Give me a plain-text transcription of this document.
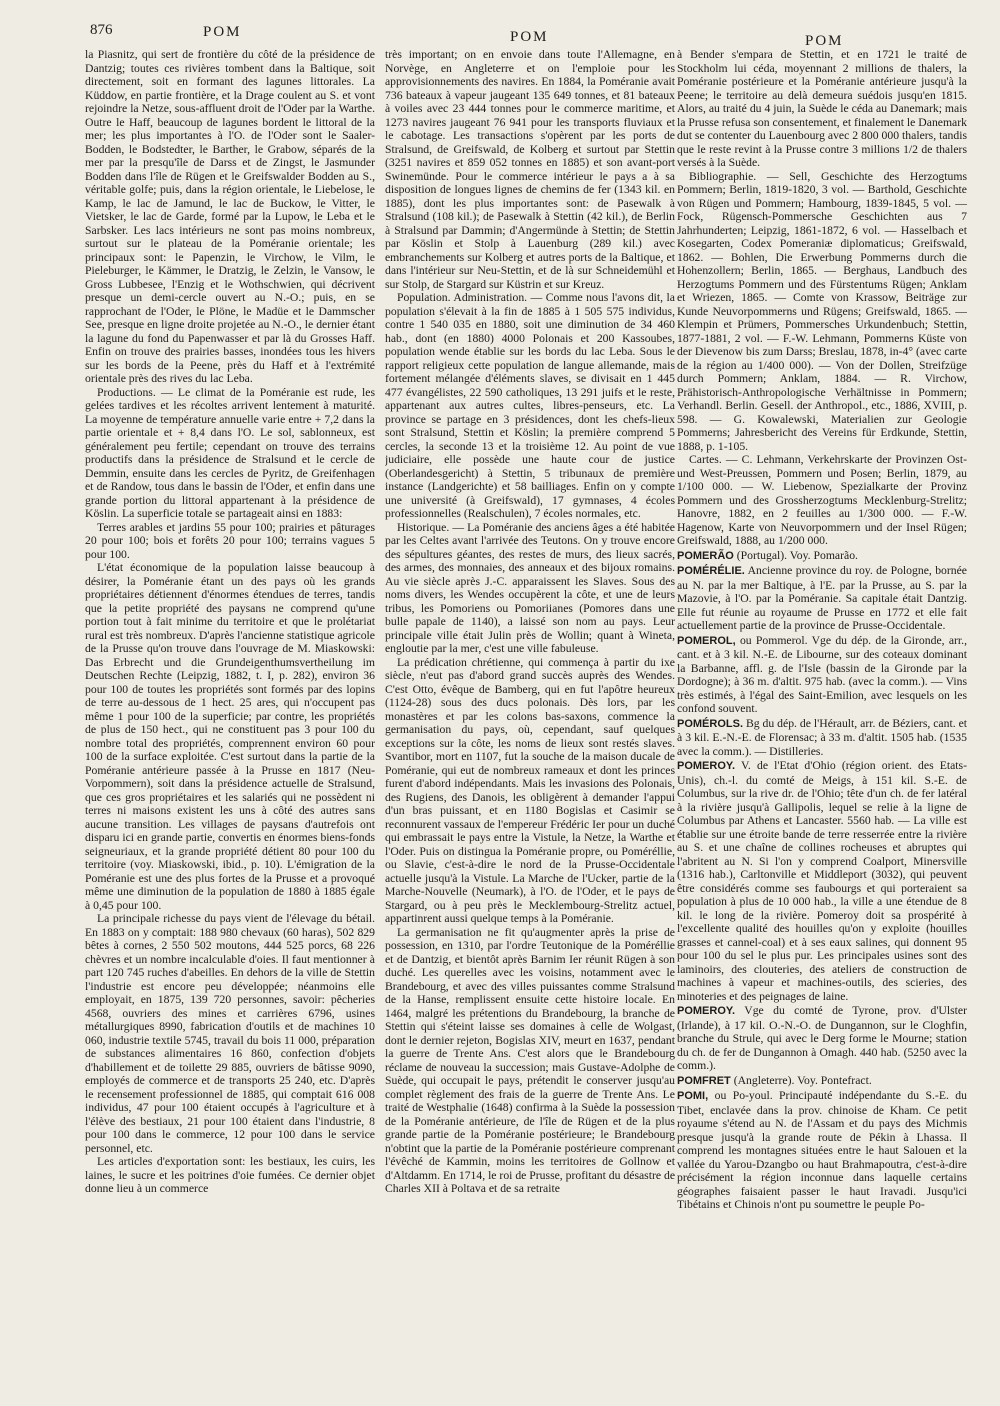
876	POM	POM	POM

la Piasnitz, qui sert de frontière du côté de la présidence de Dantzig; toutes ces rivières tombent dans la Baltique, soit directement, soit en formant des lagunes littorales. La Küddow, en partie frontière, et la Drage coulent au S. et vont rejoindre la Netze, sous-affluent droit de l'Oder par la Warthe. Outre le Haff, beaucoup de lagunes bordent le littoral de la mer; les plus importantes à l'O. de l'Oder sont le Saaler-Bodden, le Bodstedter, le Barther, le Grabow, séparés de la mer par la presqu'île de Darss et de Zingst, le Jasmunder Bodden dans l'île de Rügen et le Greifswalder Bodden au S., véritable golfe; puis, dans la région orientale, le Liebelose, le Kamp, le lac de Jamund, le lac de Buckow, le Vitter, le Vietsker, le lac de Garde, formé par la Lupow, le Leba et le Sarbsker. Les lacs intérieurs ne sont pas moins nombreux, surtout sur le plateau de la Poméranie orientale; les principaux sont: le Papenzin, le Virchow, le Vilm, le Pieleburger, le Kämmer, le Dratzig, le Zelzin, le Vansow, le Gross Lubbesee, l'Enzig et le Wothschwien, qui décrivent presque un demi-cercle ouvert au N.-O.; puis, en se rapprochant de l'Oder, le Plöne, le Madüe et le Dammscher See, presque en ligne droite projetée au N.-O., le dernier étant la lagune du fond du Papenwasser et par là du Grosses Haff. Enfin on trouve des prairies basses, inondées tous les hivers sur les bords de la Peene, près du Haff et à l'extrémité orientale près des rives du lac Leba.

Productions. — Le climat de la Poméranie est rude, les gelées tardives et les récoltes arrivent lentement à maturité. La moyenne de température annuelle varie entre + 7,2 dans la partie orientale et + 8,4 dans l'O. Le sol, sablonneux, est généralement peu fertile; cependant on trouve des terrains productifs dans la présidence de Stralsund et le cercle de Demmin, ensuite dans les cercles de Pyritz, de Greifenhagen et de Randow, tous dans le bassin de l'Oder, et enfin dans une grande portion du littoral appartenant à la présidence de Köslin. La superficie totale se partageait ainsi en 1883:

Terres arables et jardins 55 pour 100; prairies et pâturages 20 pour 100; bois et forêts 20 pour 100; terrains vagues 5 pour 100.

L'état économique de la population laisse beaucoup à désirer, la Poméranie étant un des pays où les grands propriétaires détiennent d'énormes étendues de terres, tandis que la petite propriété des paysans ne comprend qu'une portion tout à fait minime du territoire et que le prolétariat rural est très nombreux. D'après l'ancienne statistique agricole de la Prusse qu'on trouve dans l'ouvrage de M. Miaskowski: Das Erbrecht und die Grundeigenthumsvertheilung im Deutschen Rechte (Leipzig, 1882, t. I, p. 282), environ 36 pour 100 de toutes les propriétés sont formés par des lopins de terre au-dessous de 1 hect. 25 ares, qui n'occupent pas même 1 pour 100 de la superficie; par contre, les propriétés de plus de 150 hect., qui ne constituent pas 3 pour 100 du nombre total des propriétés, comprennent environ 60 pour 100 de la surface exploitée. C'est surtout dans la partie de la Poméranie antérieure passée à la Prusse en 1817 (Neu-Vorpommern), soit dans la présidence actuelle de Stralsund, que ces gros propriétaires et les salariés qui ne possèdent ni terres ni maisons existent les uns à côté des autres sans aucune transition. Les villages de paysans d'autrefois ont disparu ici en grande partie, convertis en énormes biens-fonds seigneuriaux, et la grande propriété détient 80 pour 100 du territoire (voy. Miaskowski, ibid., p. 10). L'émigration de la Poméranie est une des plus fortes de la Prusse et a provoqué même une diminution de la population de 1880 à 1885 égale à 0,45 pour 100.

La principale richesse du pays vient de l'élevage du bétail. En 1883 on y comptait: 188 980 chevaux (60 haras), 502 829 bêtes à cornes, 2 550 502 moutons, 444 525 porcs, 68 226 chèvres et un nombre incalculable d'oies. Il faut mentionner à part 120 745 ruches d'abeilles. En dehors de la ville de Stettin l'industrie est encore peu développée; néanmoins elle employait, en 1875, 139 720 personnes, savoir: pêcheries 4568, ouvriers des mines et carrières 6796, usines métallurgiques 8990, fabrication d'outils et de machines 10 060, industrie textile 5745, travail du bois 11 000, préparation de substances alimentaires 16 860, confection d'objets d'habillement et de toilette 29 885, ouvriers de bâtisse 9090, employés de commerce et de transports 25 240, etc. D'après le recensement professionnel de 1885, qui comptait 616 008 individus, 47 pour 100 étaient occupés à l'agriculture et à l'élève des bestiaux, 21 pour 100 étaient dans l'industrie, 8 pour 100 dans le commerce, 12 pour 100 dans le service personnel, etc.

Les articles d'exportation sont: les bestiaux, les cuirs, les laines, le sucre et les poitrines d'oie fumées. Ce dernier objet donne lieu à un commerce

très important; on en envoie dans toute l'Allemagne, en Norvège, en Angleterre et on l'emploie pour les approvisionnements des navires. En 1884, la Poméranie avait 736 bateaux à vapeur jaugeant 135 649 tonnes, et 81 bateaux à voiles avec 23 444 tonnes pour le commerce maritime, et 1273 navires jaugeant 76 941 pour les transports fluviaux et le cabotage. Les transactions s'opèrent par les ports de Stralsund, de Greifswald, de Kolberg et surtout par Stettin (3251 navires et 859 052 tonnes en 1885) et son avant-port Swinemünde. Pour le commerce intérieur le pays a à sa disposition de longues lignes de chemins de fer (1343 kil. en 1885), dont les plus importantes sont: de Pasewalk à Stralsund (108 kil.); de Pasewalk à Stettin (42 kil.), de Berlin à Stralsund par Dammin; d'Angermünde à Stettin; de Stettin par Köslin et Stolp à Lauenburg (289 kil.) avec embranchements sur Kolberg et autres ports de la Baltique, et dans l'intérieur sur Neu-Stettin, et de là sur Schneidemühl et sur Stolp, de Stargard sur Küstrin et sur Kreuz.

Population. Administration. — Comme nous l'avons dit, la population s'élevait à la fin de 1885 à 1 505 575 individus, contre 1 540 035 en 1880, soit une diminution de 34 460 hab., dont (en 1880) 4000 Polonais et 200 Kassoubes, population wende établie sur les bords du lac Leba. Sous le rapport religieux cette population de langue allemande, mais fortement mélangée d'éléments slaves, se divisait en 1 445 477 évangélistes, 22 590 catholiques, 13 291 juifs et le reste, appartenant aux autres cultes, libres-penseurs, etc. La province se partage en 3 présidences, dont les chefs-lieux sont Stralsund, Stettin et Köslin; la première comprend 5 cercles, la seconde 13 et la troisième 12. Au point de vue judiciaire, elle possède une haute cour de justice (Oberlandesgericht) à Stettin, 5 tribunaux de première instance (Landgerichte) et 58 bailliages. Enfin on y compte une université (à Greifswald), 17 gymnases, 4 écoles professionnelles (Realschulen), 7 écoles normales, etc.

Historique. — La Poméranie des anciens âges a été habitée par les Celtes avant l'arrivée des Teutons. On y trouve encore des sépultures géantes, des restes de murs, des lieux sacrés, des armes, des monnaies, des anneaux et des bijoux romains. Au vie siècle après J.-C. apparaissent les Slaves. Sous des noms divers, les Wendes occupèrent la côte, et une de leurs tribus, les Pomoriens ou Pomoriianes (Pomores dans une bulle papale de 1140), a laissé son nom au pays. Leur principale ville était Julin près de Wollin; quant à Wineta, engloutie par la mer, c'est une ville fabuleuse.

La prédication chrétienne, qui commença à partir du ixe siècle, n'eut pas d'abord grand succès auprès des Wendes. C'est Otto, évêque de Bamberg, qui en fut l'apôtre heureux (1124-28) sous des ducs polonais. Dès lors, par les monastères et par les colons bas-saxons, commence la germanisation du pays, où, cependant, sauf quelques exceptions sur la côte, les noms de lieux sont restés slaves. Svantibor, mort en 1107, fut la souche de la maison ducale de Poméranie, qui eut de nombreux rameaux et dont les princes furent d'abord indépendants. Mais les invasions des Polonais, des Rugiens, des Danois, les obligèrent à demander l'appui d'un bras puissant, et en 1180 Bogislas et Casimir se reconnurent vassaux de l'empereur Frédéric Ier pour un duché qui embrassait le pays entre la Vistule, la Netze, la Warthe et l'Oder. Puis on distingua la Poméranie propre, ou Poméréllie, ou Slavie, c'est-à-dire le nord de la Prusse-Occidentale actuelle jusqu'à la Vistule. La Marche de l'Ucker, partie de la Marche-Nouvelle (Neumark), à l'O. de l'Oder, et le pays de Stargard, ou à peu près le Mecklembourg-Strelitz actuel, appartinrent aussi quelque temps à la Poméranie.

La germanisation ne fit qu'augmenter après la prise de possession, en 1310, par l'ordre Teutonique de la Poméréllie et de Dantzig, et bientôt après Barnim Ier réunit Rügen à son duché. Les querelles avec les voisins, notamment avec le Brandebourg, et avec des villes puissantes comme Stralsund de la Hanse, remplissent ensuite cette histoire locale. En 1464, malgré les prétentions du Brandebourg, la branche de Stettin qui s'éteint laisse ses domaines à celle de Wolgast, dont le dernier rejeton, Bogislas XIV, meurt en 1637, pendant la guerre de Trente Ans. C'est alors que le Brandebourg réclame de nouveau la succession; mais Gustave-Adolphe de Suède, qui occupait le pays, prétendit le conserver jusqu'au complet règlement des frais de la guerre de Trente Ans. Le traité de Westphalie (1648) confirma à la Suède la possession de la Poméranie antérieure, de l'île de Rügen et de la plus grande partie de la Poméranie postérieure; le Brandebourg n'obtint que la partie de la Poméranie postérieure comprenant l'évêché de Kammin, moins les territoires de Gollnow et d'Altdamm. En 1714, le roi de Prusse, profitant du désastre de Charles XII à Poltava et de sa retraite

à Bender s'empara de Stettin, et en 1721 le traité de Stockholm lui céda, moyennant 2 millions de thalers, la Poméranie postérieure et la Poméranie antérieure jusqu'à la Peene; le territoire au delà demeura suédois jusqu'en 1815. Alors, au traité du 4 juin, la Suède le céda au Danemark; mais la Prusse refusa son consentement, et finalement le Danemark dut se contenter du Lauenbourg avec 2 800 000 thalers, tandis que le reste revint à la Prusse contre 3 millions 1/2 de thalers versés à la Suède.

Bibliographie. — Sell, Geschichte des Herzogtums Pommern; Berlin, 1819-1820, 3 vol. — Barthold, Geschichte von Rügen und Pommern; Hambourg, 1839-1845, 5 vol. — Fock, Rügensch-Pommersche Geschichten aus 7 Jahrhunderten; Leipzig, 1861-1872, 6 vol. — Hasselbach et Kosegarten, Codex Pomeraniæ diplomaticus; Greifswald, 1862. — Bohlen, Die Erwerbung Pommerns durch die Hohenzollern; Berlin, 1865. — Berghaus, Landbuch des Herzogtums Pommern und des Fürstentums Rügen; Anklam et Wriezen, 1865. — Comte von Krassow, Beiträge zur Kunde Neuvorpommerns und Rügens; Greifswald, 1865. — Klempin et Prümers, Pommersches Urkundenbuch; Stettin, 1877-1881, 2 vol. — F.-W. Lehmann, Pommerns Küste von der Dievenow bis zum Darss; Breslau, 1878, in-4° (avec carte de la région au 1/400 000). — Von der Dollen, Streifzüge durch Pommern; Anklam, 1884. — R. Virchow, Prähistorisch-Anthropologische Verhältnisse in Pommern; Verhandl. Berlin. Gesell. der Anthropol., etc., 1886, XVIII, p. 598. — G. Kowalewski, Materialien zur Geologie Pommerns; Jahresbericht des Vereins für Erdkunde, Stettin, 1888, p. 1-105.

Cartes. — C. Lehmann, Verkehrskarte der Provinzen Ost- und West-Preussen, Pommern und Posen; Berlin, 1879, au 1/100 000. — W. Liebenow, Spezialkarte der Provinz Pommern und des Grossherzogtums Mecklenburg-Strelitz; Hanovre, 1882, en 2 feuilles au 1/300 000. — F.-W. Hagenow, Karte von Neuvorpommern und der Insel Rügen; Greifswald, 1888, au 1/200 000.

POMERÃO (Portugal). Voy. Pomarão.

POMÉRÉLIE. Ancienne province du roy. de Pologne, bornée au N. par la mer Baltique, à l'E. par la Prusse, au S. par la Mazovie, à l'O. par la Poméranie. Sa capitale était Dantzig. Elle fut réunie au royaume de Prusse en 1772 et elle fait actuellement partie de la province de Prusse-Occidentale.

POMEROL, ou Pommerol. Vge du dép. de la Gironde, arr., cant. et à 3 kil. N.-E. de Libourne, sur des coteaux dominant la Barbanne, affl. g. de l'Isle (bassin de la Gironde par la Dordogne); à 36 m. d'altit. 975 hab. (avec la comm.). — Vins très estimés, à l'égal des Saint-Emilion, avec lesquels on les confond souvent.

POMÉROLS. Bg du dép. de l'Hérault, arr. de Béziers, cant. et à 3 kil. E.-N.-E. de Florensac; à 33 m. d'altit. 1505 hab. (1535 avec la comm.). — Distilleries.

POMEROY. V. de l'Etat d'Ohio (région orient. des Etats-Unis), ch.-l. du comté de Meigs, à 151 kil. S.-E. de Columbus, sur la rive dr. de l'Ohio; tête d'un ch. de fer latéral à la rivière jusqu'à Gallipolis, lequel se relie à la ligne de Columbus par Athens et Lancaster. 5560 hab. — La ville est établie sur une étroite bande de terre resserrée entre la rivière au S. et une chaîne de collines rocheuses et abruptes qui l'abritent au N. Si l'on y comprend Coalport, Minersville (1316 hab.), Carltonville et Middleport (3032), qui peuvent être considérés comme ses faubourgs et qui porteraient sa population à plus de 10 000 hab., la ville a une étendue de 8 kil. le long de la rivière. Pomeroy doit sa prospérité à l'excellente qualité des houilles qu'on y exploite (houilles grasses et cannel-coal) et à ses eaux salines, qui donnent 95 pour 100 du sel le plus pur. Les principales usines sont des laminoirs, des clouteries, des ateliers de construction de machines à vapeur et machines-outils, des scieries, des minoteries et des peignages de laine.

POMEROY. Vge du comté de Tyrone, prov. d'Ulster (Irlande), à 17 kil. O.-N.-O. de Dungannon, sur le Cloghfin, branche du Strule, qui avec le Derg forme le Mourne; station du ch. de fer de Dungannon à Omagh. 440 hab. (5250 avec la comm.).

POMFRET (Angleterre). Voy. Pontefract.

POMI, ou Po-youl. Principauté indépendante du S.-E. du Tibet, enclavée dans la prov. chinoise de Kham. Ce petit royaume s'étend au N. de l'Assam et du pays des Michmis presque jusqu'à la grande route de Pékin à Lhassa. Il comprend les montagnes situées entre le haut Salouen et la vallée du Yarou-Dzangbo ou haut Brahmapoutra, c'est-à-dire précisément la région inconnue dans laquelle certains géographes faisaient passer le haut Iravadi. Jusqu'ici Tibétains et Chinois n'ont pu soumettre le peuple Po-
